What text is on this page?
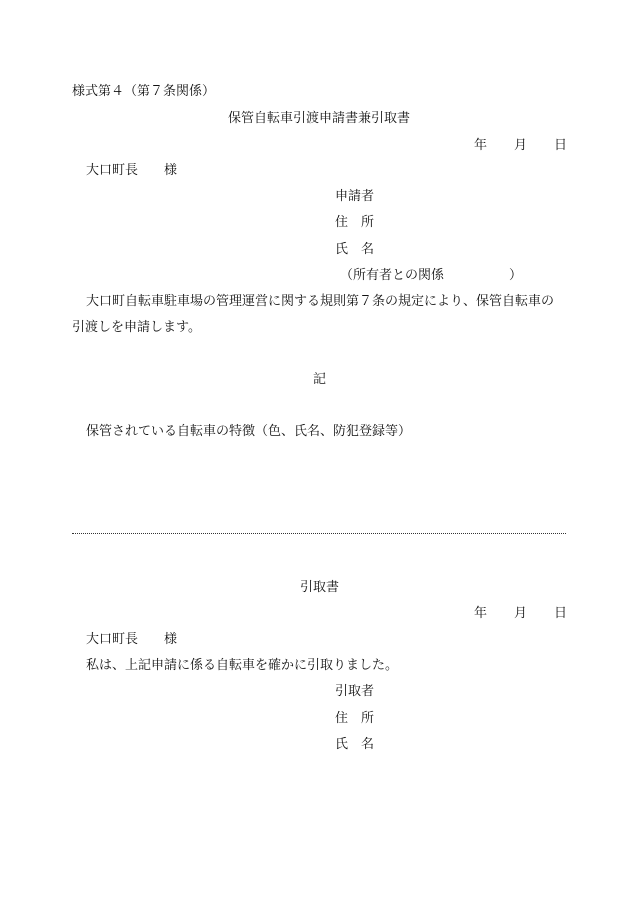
様式第４（第７条関係）
保管自転車引渡申請書兼引取書
年 月 日
大口町長　　様
申請者
住　所
氏　名
（所有者との関係　　　　　）
大口町自転車駐車場の管理運営に関する規則第７条の規定により、保管自転車の
引渡しを申請します。
記
保管されている自転車の特徴（色、氏名、防犯登録等）
引取書
年 月 日
大口町長　　様
私は、上記申請に係る自転車を確かに引取りました。
引取者
住　所
氏　名
